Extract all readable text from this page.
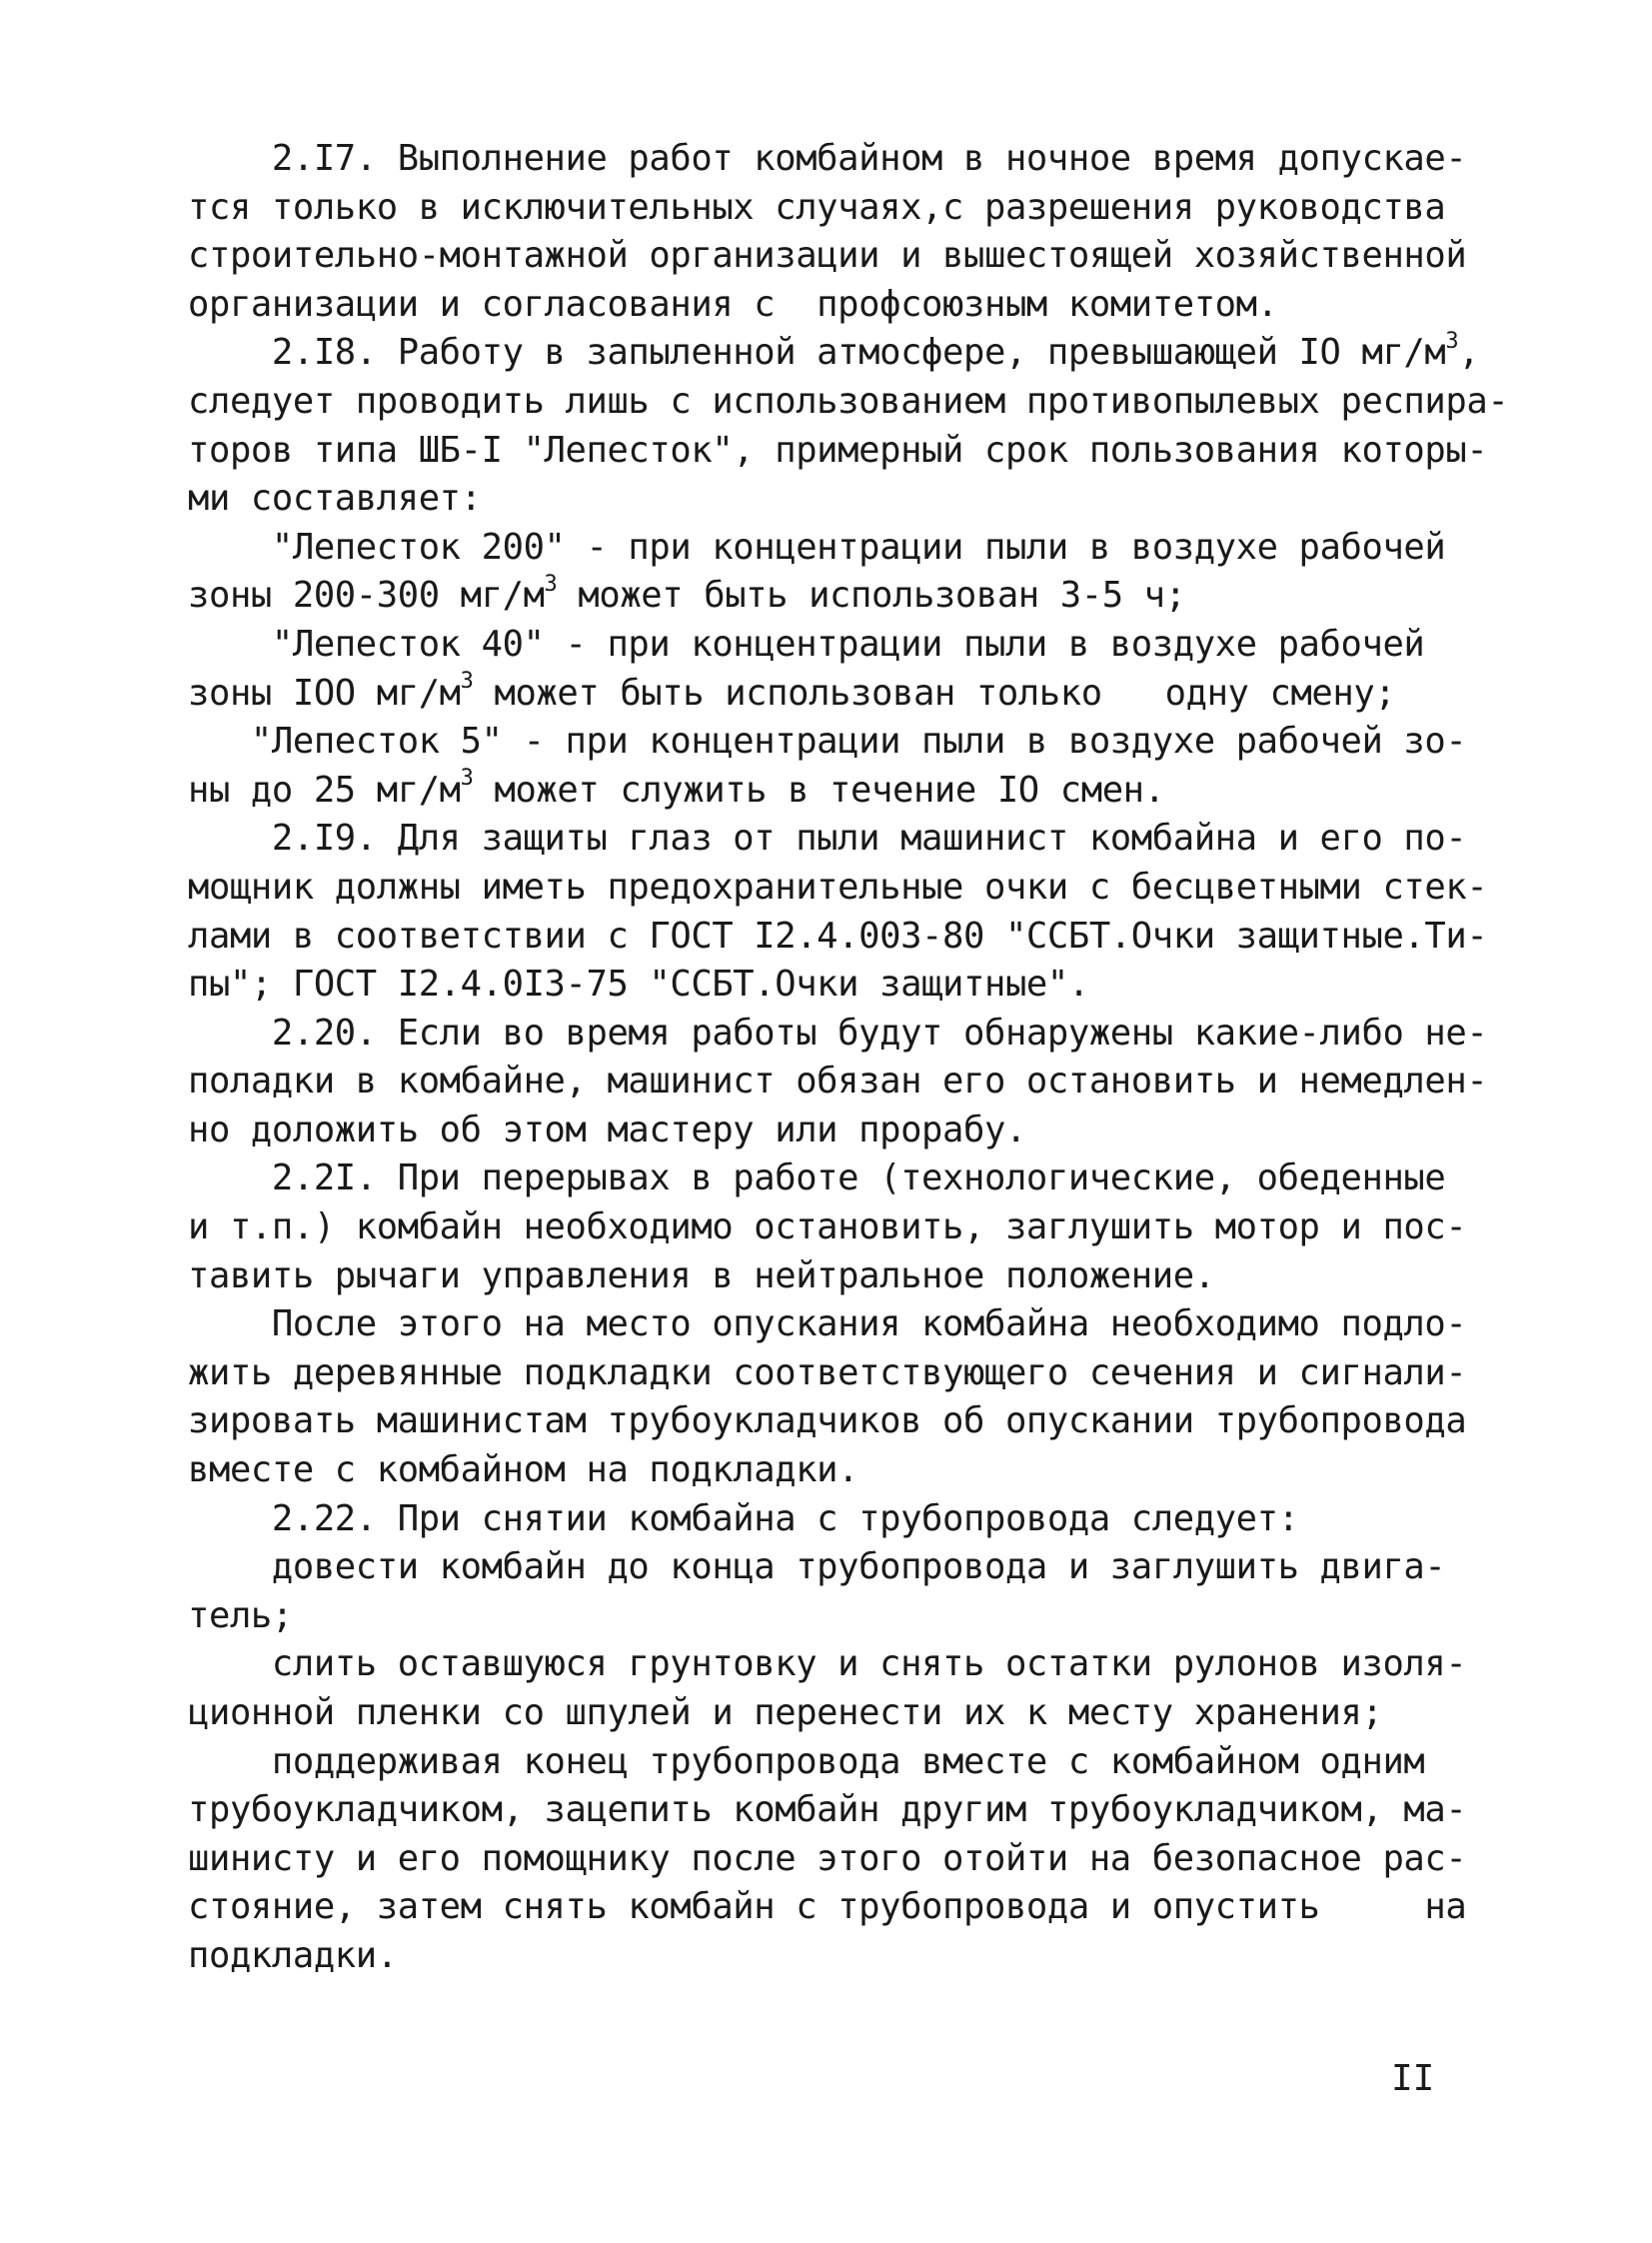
2.I7. Выполнение работ комбайном в ночное время допускае-
тся только в исключительных случаях,с разрешения руководства
строительно-монтажной организации и вышестоящей хозяйственной
организации и согласования с  профсоюзным комитетом.
2.I8. Работу в запыленной атмосфере, превышающей IO $мг/м^3$,
следует проводить лишь с использованием противопылевых респира-
торов типа ШБ-I "Лепесток", примерный срок пользования которы-
ми составляет:
"Лепесток 200" - при концентрации пыли в воздухе рабочей
зоны 200-300 $мг/м^3$ может быть использован 3-5 ч;
"Лепесток 40" - при концентрации пыли в воздухе рабочей
зоны IOO $мг/м^3$ может быть использован только   одну смену;
"Лепесток 5" - при концентрации пыли в воздухе рабочей зо-
ны до 25 $мг/м^3$ может служить в течение IO смен.
2.I9. Для защиты глаз от пыли машинист комбайна и его по-
мощник должны иметь предохранительные очки с бесцветными стек-
лами в соответствии с ГОСТ I2.4.003-80 "ССБТ.Очки защитные.Ти-
пы"; ГОСТ I2.4.0I3-75 "ССБТ.Очки защитные".
2.20. Если во время работы будут обнаружены какие-либо не-
поладки в комбайне, машинист обязан его остановить и немедлен-
но доложить об этом мастеру или прорабу.
2.2I. При перерывах в работе (технологические, обеденные
и т.п.) комбайн необходимо остановить, заглушить мотор и пос-
тавить рычаги управления в нейтральное положение.
После этого на место опускания комбайна необходимо подло-
жить деревянные подкладки соответствующего сечения и сигнали-
зировать машинистам трубоукладчиков об опускании трубопровода
вместе с комбайном на подкладки.
2.22. При снятии комбайна с трубопровода следует:
довести комбайн до конца трубопровода и заглушить двига-
тель;
слить оставшуюся грунтовку и снять остатки рулонов изоля-
ционной пленки со шпулей и перенести их к месту хранения;
поддерживая конец трубопровода вместе с комбайном одним
трубоукладчиком, зацепить комбайн другим трубоукладчиком, ма-
шинисту и его помощнику после этого отойти на безопасное рас-
стояние, затем снять комбайн с трубопровода и опустить     на
подкладки.
II
